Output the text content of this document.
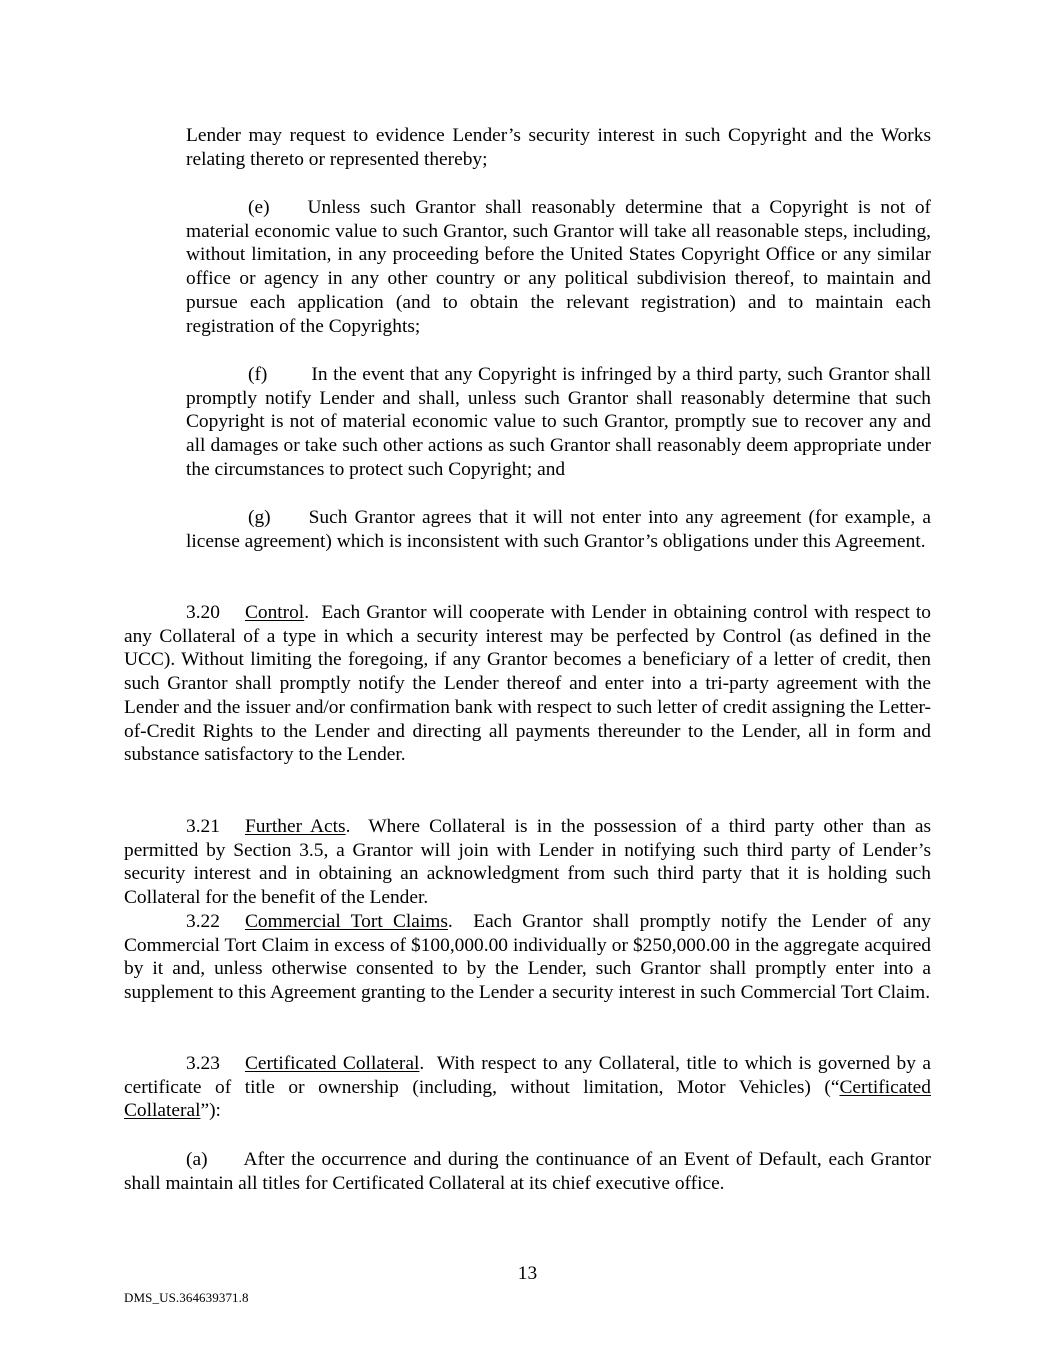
Lender may request to evidence Lender’s security interest in such Copyright and the Works relating thereto or represented thereby;

(e) Unless such Grantor shall reasonably determine that a Copyright is not of material economic value to such Grantor, such Grantor will take all reasonable steps, including, without limitation, in any proceeding before the United States Copyright Office or any similar office or agency in any other country or any political subdivision thereof, to maintain and pursue each application (and to obtain the relevant registration) and to maintain each registration of the Copyrights;

(f) In the event that any Copyright is infringed by a third party, such Grantor shall promptly notify Lender and shall, unless such Grantor shall reasonably determine that such Copyright is not of material economic value to such Grantor, promptly sue to recover any and all damages or take such other actions as such Grantor shall reasonably deem appropriate under the circumstances to protect such Copyright; and

(g) Such Grantor agrees that it will not enter into any agreement (for example, a license agreement) which is inconsistent with such Grantor’s obligations under this Agreement.

3.20 Control.  Each Grantor will cooperate with Lender in obtaining control with respect to any Collateral of a type in which a security interest may be perfected by Control (as defined in the UCC). Without limiting the foregoing, if any Grantor becomes a beneficiary of a letter of credit, then such Grantor shall promptly notify the Lender thereof and enter into a tri-party agreement with the Lender and the issuer and/or confirmation bank with respect to such letter of credit assigning the Letter-of-Credit Rights to the Lender and directing all payments thereunder to the Lender, all in form and substance satisfactory to the Lender.

3.21 Further Acts.  Where Collateral is in the possession of a third party other than as permitted by Section 3.5, a Grantor will join with Lender in notifying such third party of Lender’s security interest and in obtaining an acknowledgment from such third party that it is holding such Collateral for the benefit of the Lender.

3.22 Commercial Tort Claims.  Each Grantor shall promptly notify the Lender of any Commercial Tort Claim in excess of $100,000.00 individually or $250,000.00 in the aggregate acquired by it and, unless otherwise consented to by the Lender, such Grantor shall promptly enter into a supplement to this Agreement granting to the Lender a security interest in such Commercial Tort Claim.

3.23 Certificated Collateral.  With respect to any Collateral, title to which is governed by a certificate of title or ownership (including, without limitation, Motor Vehicles) (“Certificated Collateral”):

(a) After the occurrence and during the continuance of an Event of Default, each Grantor shall maintain all titles for Certificated Collateral at its chief executive office.

13
DMS_US.364639371.8
